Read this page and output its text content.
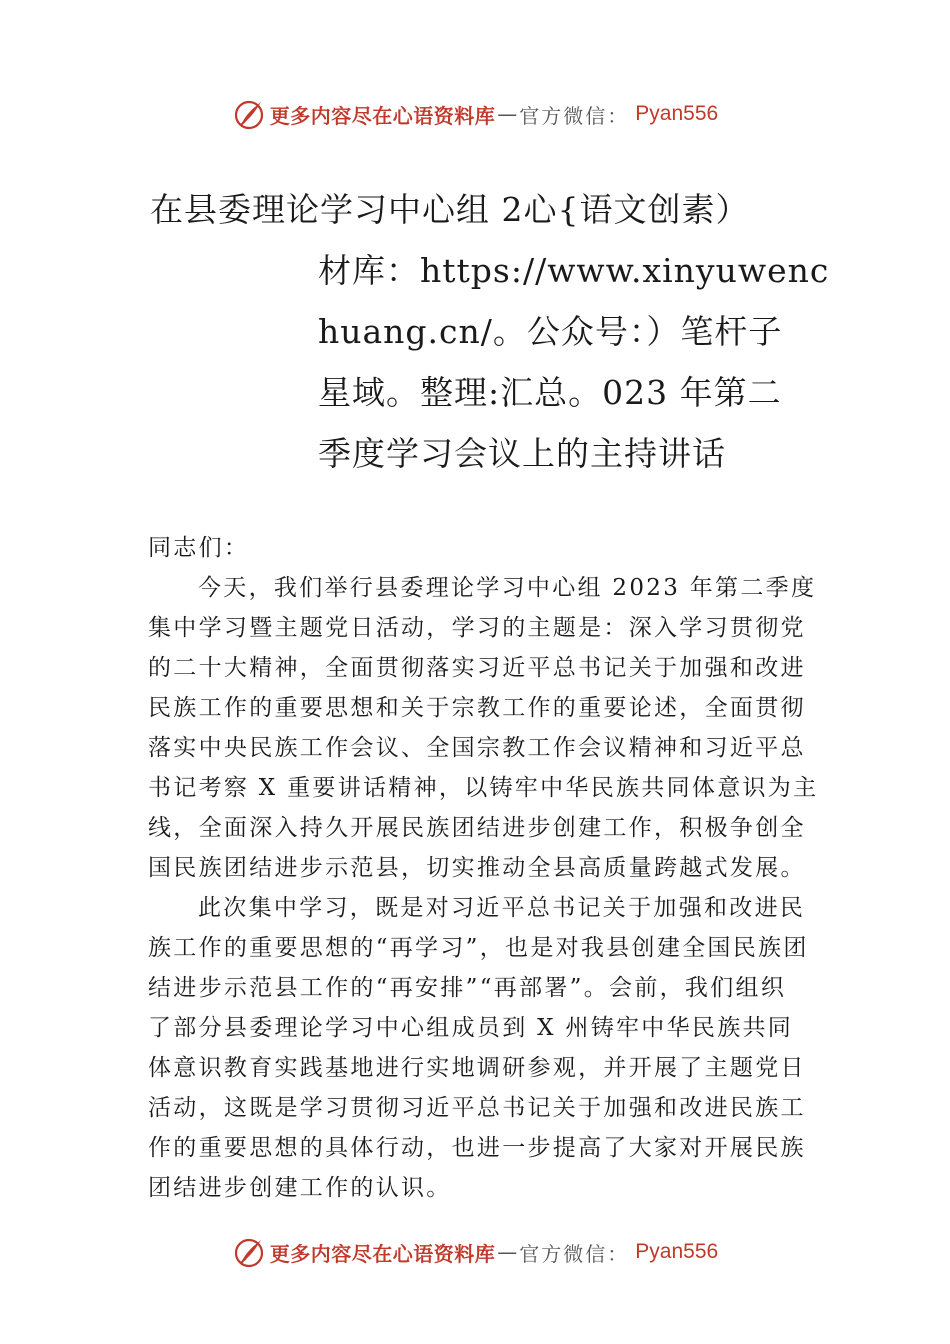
更多内容尽在心语资料库 — 官方微信： Pyan556
在县委理论学习中心组 2心{语文创素）
材库：https://www.xinyuwenc
huang.cn/。公众号：）笔杆子
星域。整理:汇总。023 年第二
季度学习会议上的主持讲话
同志们：
今天，我们举行县委理论学习中心组 2023 年第二季度
集中学习暨主题党日活动，学习的主题是：深入学习贯彻党
的二十大精神，全面贯彻落实习近平总书记关于加强和改进
民族工作的重要思想和关于宗教工作的重要论述，全面贯彻
落实中央民族工作会议、全国宗教工作会议精神和习近平总
书记考察 X 重要讲话精神，以铸牢中华民族共同体意识为主
线，全面深入持久开展民族团结进步创建工作，积极争创全
国民族团结进步示范县，切实推动全县高质量跨越式发展。
此次集中学习，既是对习近平总书记关于加强和改进民
族工作的重要思想的“再学习”，也是对我县创建全国民族团
结进步示范县工作的“再安排”“再部署”。会前，我们组织
了部分县委理论学习中心组成员到 X 州铸牢中华民族共同
体意识教育实践基地进行实地调研参观，并开展了主题党日
活动，这既是学习贯彻习近平总书记关于加强和改进民族工
作的重要思想的具体行动，也进一步提高了大家对开展民族
团结进步创建工作的认识。
更多内容尽在心语资料库 — 官方微信： Pyan556
